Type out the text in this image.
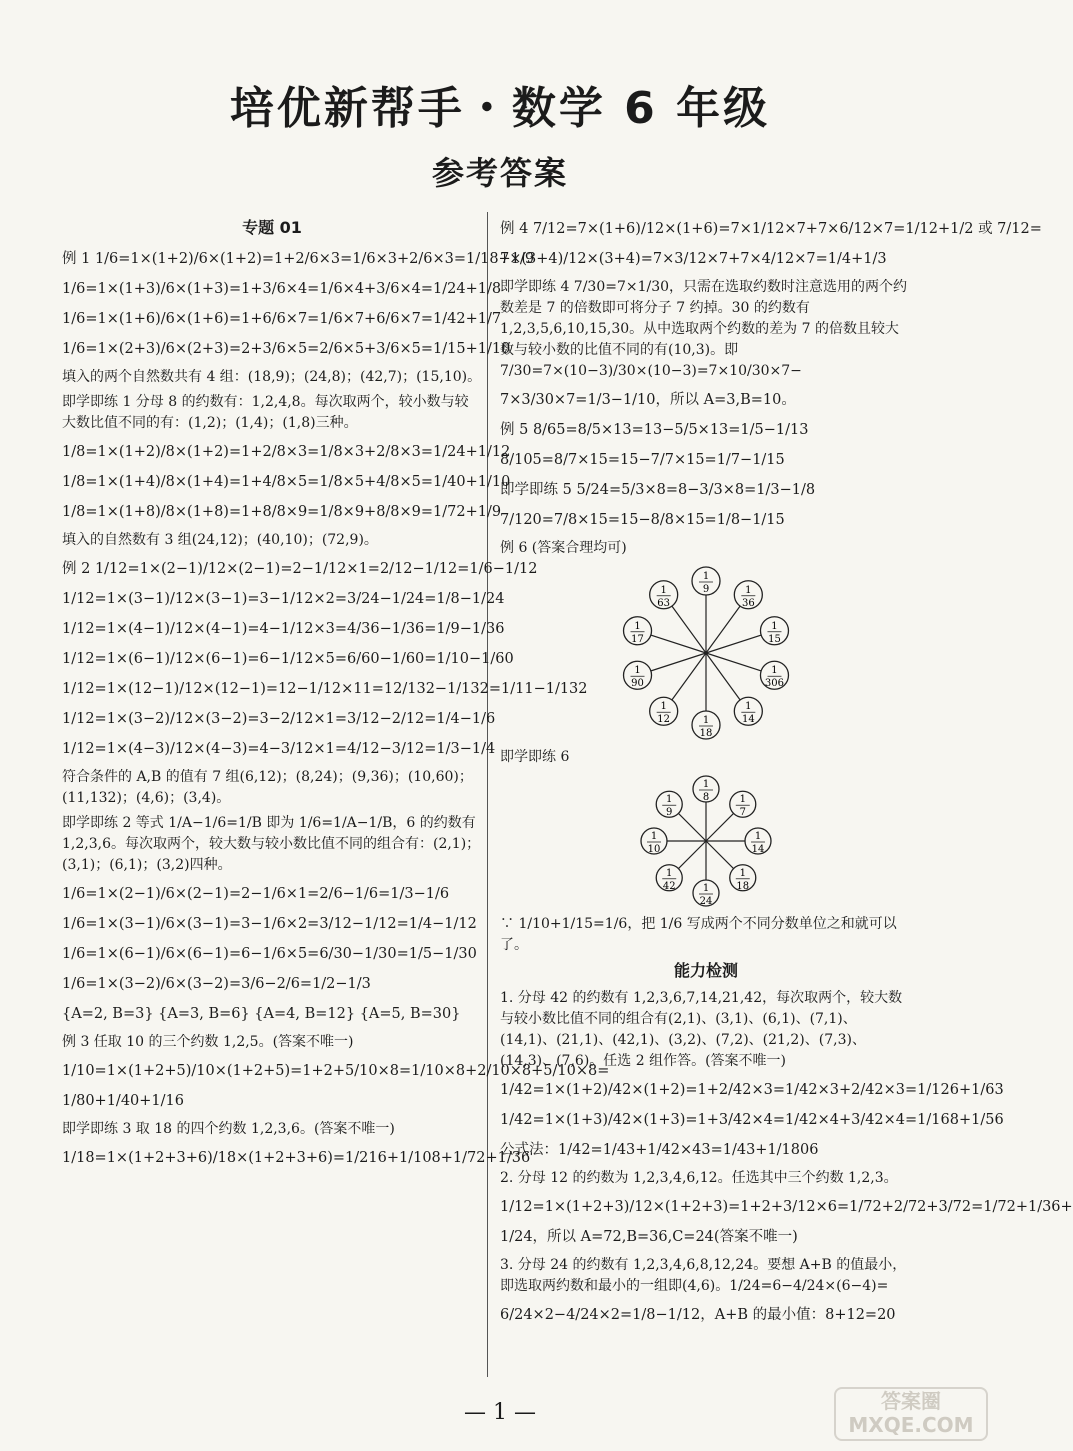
培优新帮手・数学 6 年级
参考答案
专题 01
例 1 1/6=1×(1+2)/6×(1+2)=1+2/6×3=1/6×3+2/6×3=1/18+1/9
1/6=1×(1+3)/6×(1+3)=1+3/6×4=1/6×4+3/6×4=1/24+1/8
1/6=1×(1+6)/6×(1+6)=1+6/6×7=1/6×7+6/6×7=1/42+1/7
1/6=1×(2+3)/6×(2+3)=2+3/6×5=2/6×5+3/6×5=1/15+1/10
填入的两个自然数共有 4 组：(18,9)；(24,8)；(42,7)；(15,10)。
即学即练 1 分母 8 的约数有：1,2,4,8。每次取两个，较小数与较大数比值不同的有：(1,2)；(1,4)；(1,8)三种。
1/8=1×(1+2)/8×(1+2)=1+2/8×3=1/8×3+2/8×3=1/24+1/12
1/8=1×(1+4)/8×(1+4)=1+4/8×5=1/8×5+4/8×5=1/40+1/10
1/8=1×(1+8)/8×(1+8)=1+8/8×9=1/8×9+8/8×9=1/72+1/9
填入的自然数有 3 组(24,12)；(40,10)；(72,9)。
例 2 1/12=1×(2−1)/12×(2−1)=2−1/12×1=2/12−1/12=1/6−1/12
1/12=1×(3−1)/12×(3−1)=3−1/12×2=3/24−1/24=1/8−1/24
1/12=1×(4−1)/12×(4−1)=4−1/12×3=4/36−1/36=1/9−1/36
1/12=1×(6−1)/12×(6−1)=6−1/12×5=6/60−1/60=1/10−1/60
1/12=1×(12−1)/12×(12−1)=12−1/12×11=12/132−1/132=1/11−1/132
1/12=1×(3−2)/12×(3−2)=3−2/12×1=3/12−2/12=1/4−1/6
1/12=1×(4−3)/12×(4−3)=4−3/12×1=4/12−3/12=1/3−1/4
符合条件的 A,B 的值有 7 组(6,12)；(8,24)；(9,36)；(10,60)；(11,132)；(4,6)；(3,4)。
即学即练 2 等式 1/A−1/6=1/B 即为 1/6=1/A−1/B，6 的约数有 1,2,3,6。每次取两个，较大数与较小数比值不同的组合有：(2,1)；(3,1)；(6,1)；(3,2)四种。
1/6=1×(2−1)/6×(2−1)=2−1/6×1=2/6−1/6=1/3−1/6
1/6=1×(3−1)/6×(3−1)=3−1/6×2=3/12−1/12=1/4−1/12
1/6=1×(6−1)/6×(6−1)=6−1/6×5=6/30−1/30=1/5−1/30
1/6=1×(3−2)/6×(3−2)=3/6−2/6=1/2−1/3
{A=2, B=3} {A=3, B=6} {A=4, B=12} {A=5, B=30}
例 3 任取 10 的三个约数 1,2,5。(答案不唯一)
1/10=1×(1+2+5)/10×(1+2+5)=1+2+5/10×8=1/10×8+2/10×8+5/10×8=
1/80+1/40+1/16
即学即练 3 取 18 的四个约数 1,2,3,6。(答案不唯一)
1/18=1×(1+2+3+6)/18×(1+2+3+6)=1/216+1/108+1/72+1/36
例 4 7/12=7×(1+6)/12×(1+6)=7×1/12×7+7×6/12×7=1/12+1/2 或 7/12=
7×(3+4)/12×(3+4)=7×3/12×7+7×4/12×7=1/4+1/3
即学即练 4 7/30=7×1/30，只需在选取约数时注意选用的两个约数差是 7 的倍数即可将分子 7 约掉。30 的约数有 1,2,3,5,6,10,15,30。从中选取两个约数的差为 7 的倍数且较大数与较小数的比值不同的有(10,3)。即 7/30=7×(10−3)/30×(10−3)=7×10/30×7−
7×3/30×7=1/3−1/10，所以 A=3,B=10。
例 5 8/65=8/5×13=13−5/5×13=1/5−1/13
8/105=8/7×15=15−7/7×15=1/7−1/15
即学即练 5 5/24=5/3×8=8−3/3×8=1/3−1/8
7/120=7/8×15=15−8/8×15=1/8−1/15
例 6 (答案合理均可)
1
9	1
36
1
15
1
306
1
14
1
18
1
12
1
90
1
17
1
63
即学即练 6
1
8	1
7
1
14
1
18
1
24
1
42
1
10
1
9
∵ 1/10+1/15=1/6，把 1/6 写成两个不同分数单位之和就可以了。
能力检测
1. 分母 42 的约数有 1,2,3,6,7,14,21,42，每次取两个，较大数与较小数比值不同的组合有(2,1)、(3,1)、(6,1)、(7,1)、(14,1)、(21,1)、(42,1)、(3,2)、(7,2)、(21,2)、(7,3)、(14,3)、(7,6)。任选 2 组作答。(答案不唯一)
1/42=1×(1+2)/42×(1+2)=1+2/42×3=1/42×3+2/42×3=1/126+1/63
1/42=1×(1+3)/42×(1+3)=1+3/42×4=1/42×4+3/42×4=1/168+1/56
公式法：1/42=1/43+1/42×43=1/43+1/1806
2. 分母 12 的约数为 1,2,3,4,6,12。任选其中三个约数 1,2,3。
1/12=1×(1+2+3)/12×(1+2+3)=1+2+3/12×6=1/72+2/72+3/72=1/72+1/36+
1/24，所以 A=72,B=36,C=24(答案不唯一)
3. 分母 24 的约数有 1,2,3,4,6,8,12,24。要想 A+B 的值最小，即选取两约数和最小的一组即(4,6)。1/24=6−4/24×(6−4)=
6/24×2−4/24×2=1/8−1/12，A+B 的最小值：8+12=20
— 1 —	答案圈
MXQE.COM
